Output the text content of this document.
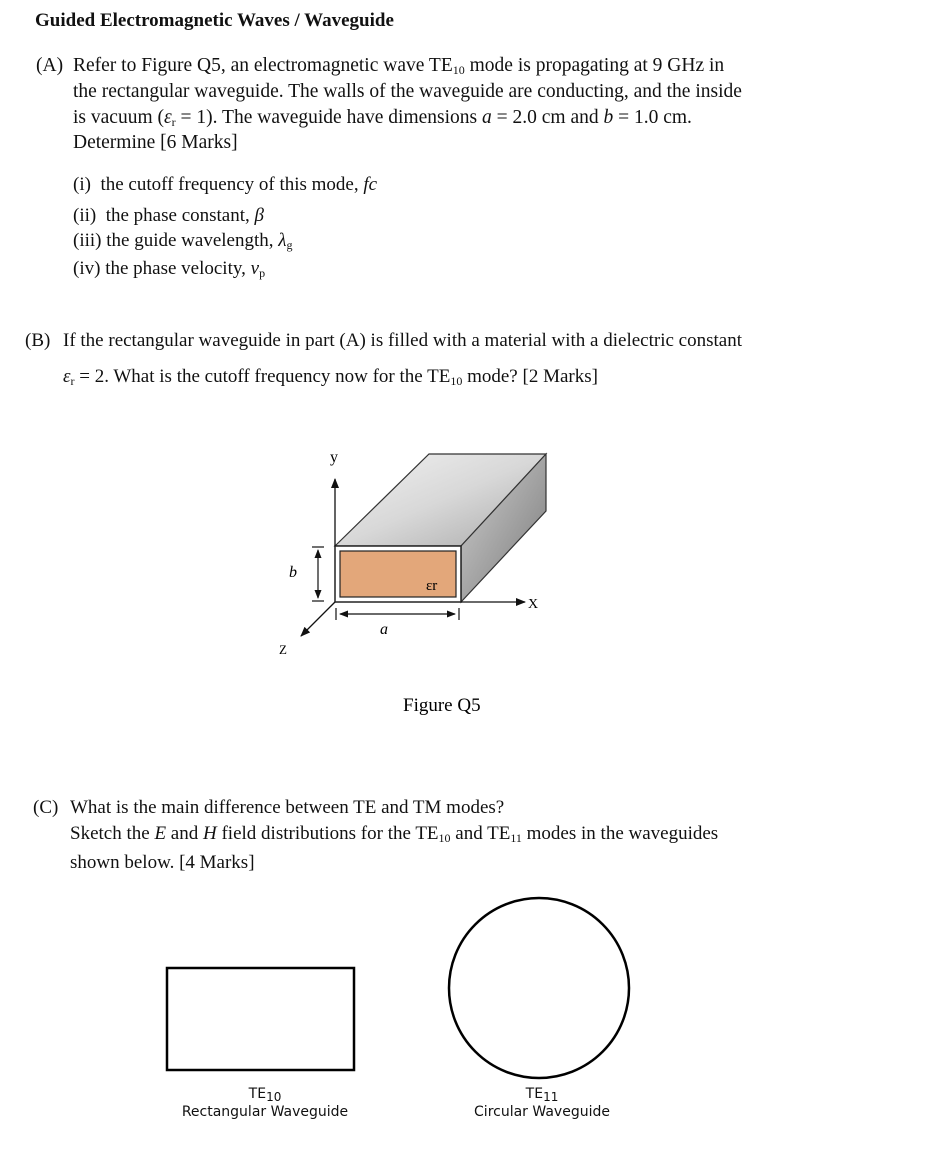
Guided Electromagnetic Waves / Waveguide
(A) Refer to Figure Q5, an electromagnetic wave $TE_{10}$ mode is propagating at 9 GHz in
the rectangular waveguide. The walls of the waveguide are conducting, and the inside
is vacuum $(\varepsilon_r = 1)$. The waveguide have dimensions a = 2.0 cm and b = 1.0 cm.
Determine [6 Marks]
(i) the cutoff frequency of this mode, fc
(ii) the phase constant, β
(iii) the guide wavelength, $\lambda_g$
(iv) the phase velocity, $v_p$
(B) If the rectangular waveguide in part (A) is filled with a material with a dielectric constant
$\varepsilon_r = 2$. What is the cutoff frequency now for the $TE_{10}$ mode? [2 Marks]
y
X
Z
b
a
εr
Figure Q5
(C) What is the main difference between TE and TM modes?
Sketch the E and H field distributions for the $TE_{10}$ and $TE_{11}$ modes in the waveguides
shown below. [4 Marks]
$TE_{10}$
Rectangular Waveguide
$TE_{11}$
Circular Waveguide
